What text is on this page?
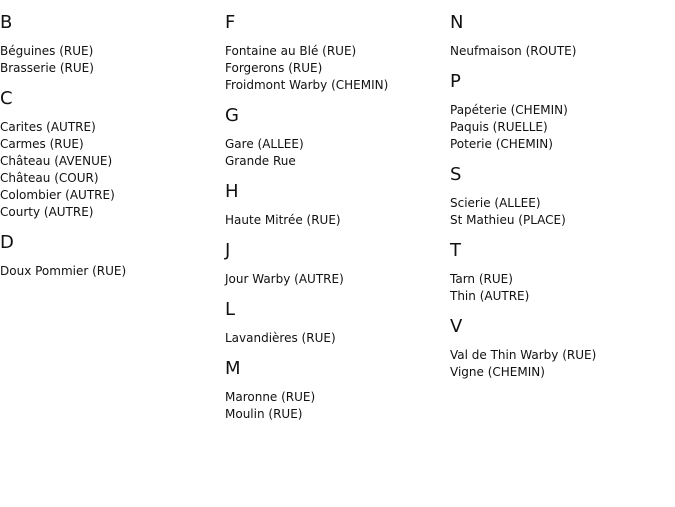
B
Béguines (RUE)
Brasserie (RUE)
C
Carites (AUTRE)
Carmes (RUE)
Château (AVENUE)
Château (COUR)
Colombier (AUTRE)
Courty (AUTRE)
D
Doux Pommier (RUE)
F
Fontaine au Blé (RUE)
Forgerons (RUE)
Froidmont Warby (CHEMIN)
G
Gare (ALLEE)
Grande Rue
H
Haute Mitrée (RUE)
J
Jour Warby (AUTRE)
L
Lavandières (RUE)
M
Maronne (RUE)
Moulin (RUE)
N
Neufmaison (ROUTE)
P
Papéterie (CHEMIN)
Paquis (RUELLE)
Poterie (CHEMIN)
S
Scierie (ALLEE)
St Mathieu (PLACE)
T
Tarn (RUE)
Thin (AUTRE)
V
Val de Thin Warby (RUE)
Vigne (CHEMIN)
